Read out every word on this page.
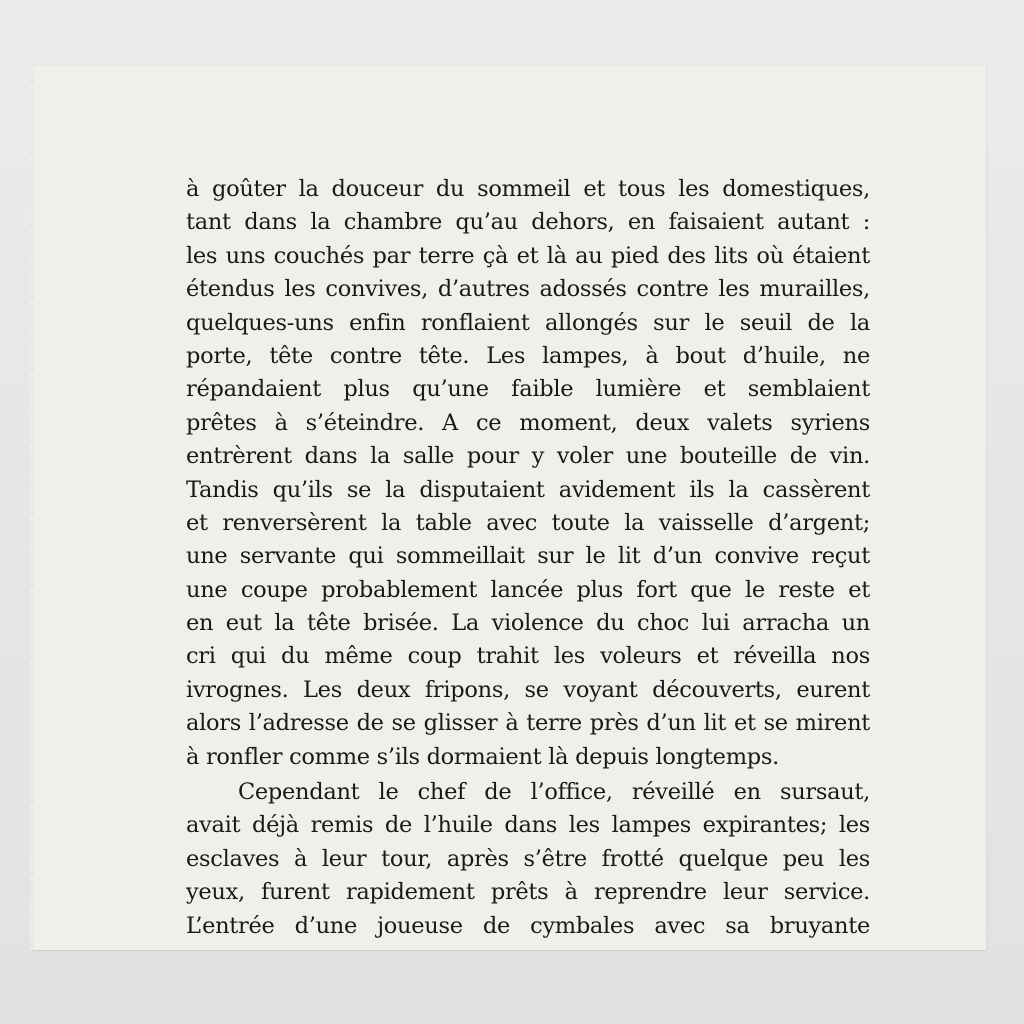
à goûter la douceur du sommeil et tous les domestiques,
tant dans la chambre qu’au dehors, en faisaient autant :
les uns couchés par terre çà et là au pied des lits où étaient
étendus les convives, d’autres adossés contre les murailles,
quelques-uns enfin ronflaient allongés sur le seuil de la
porte, tête contre tête. Les lampes, à bout d’huile, ne
répandaient plus qu’une faible lumière et semblaient
prêtes à s’éteindre. A ce moment, deux valets syriens
entrèrent dans la salle pour y voler une bouteille de vin.
Tandis qu’ils se la disputaient avidement ils la cassèrent
et renversèrent la table avec toute la vaisselle d’argent;
une servante qui sommeillait sur le lit d’un convive reçut
une coupe probablement lancée plus fort que le reste et
en eut la tête brisée. La violence du choc lui arracha un
cri qui du même coup trahit les voleurs et réveilla nos
ivrognes. Les deux fripons, se voyant découverts, eurent
alors l’adresse de se glisser à terre près d’un lit et se mirent
à ronfler comme s’ils dormaient là depuis longtemps.
Cependant le chef de l’office, réveillé en sursaut,
avait déjà remis de l’huile dans les lampes expirantes; les
esclaves à leur tour, après s’être frotté quelque peu les
yeux, furent rapidement prêts à reprendre leur service.
L’entrée d’une joueuse de cymbales avec sa bruyante
